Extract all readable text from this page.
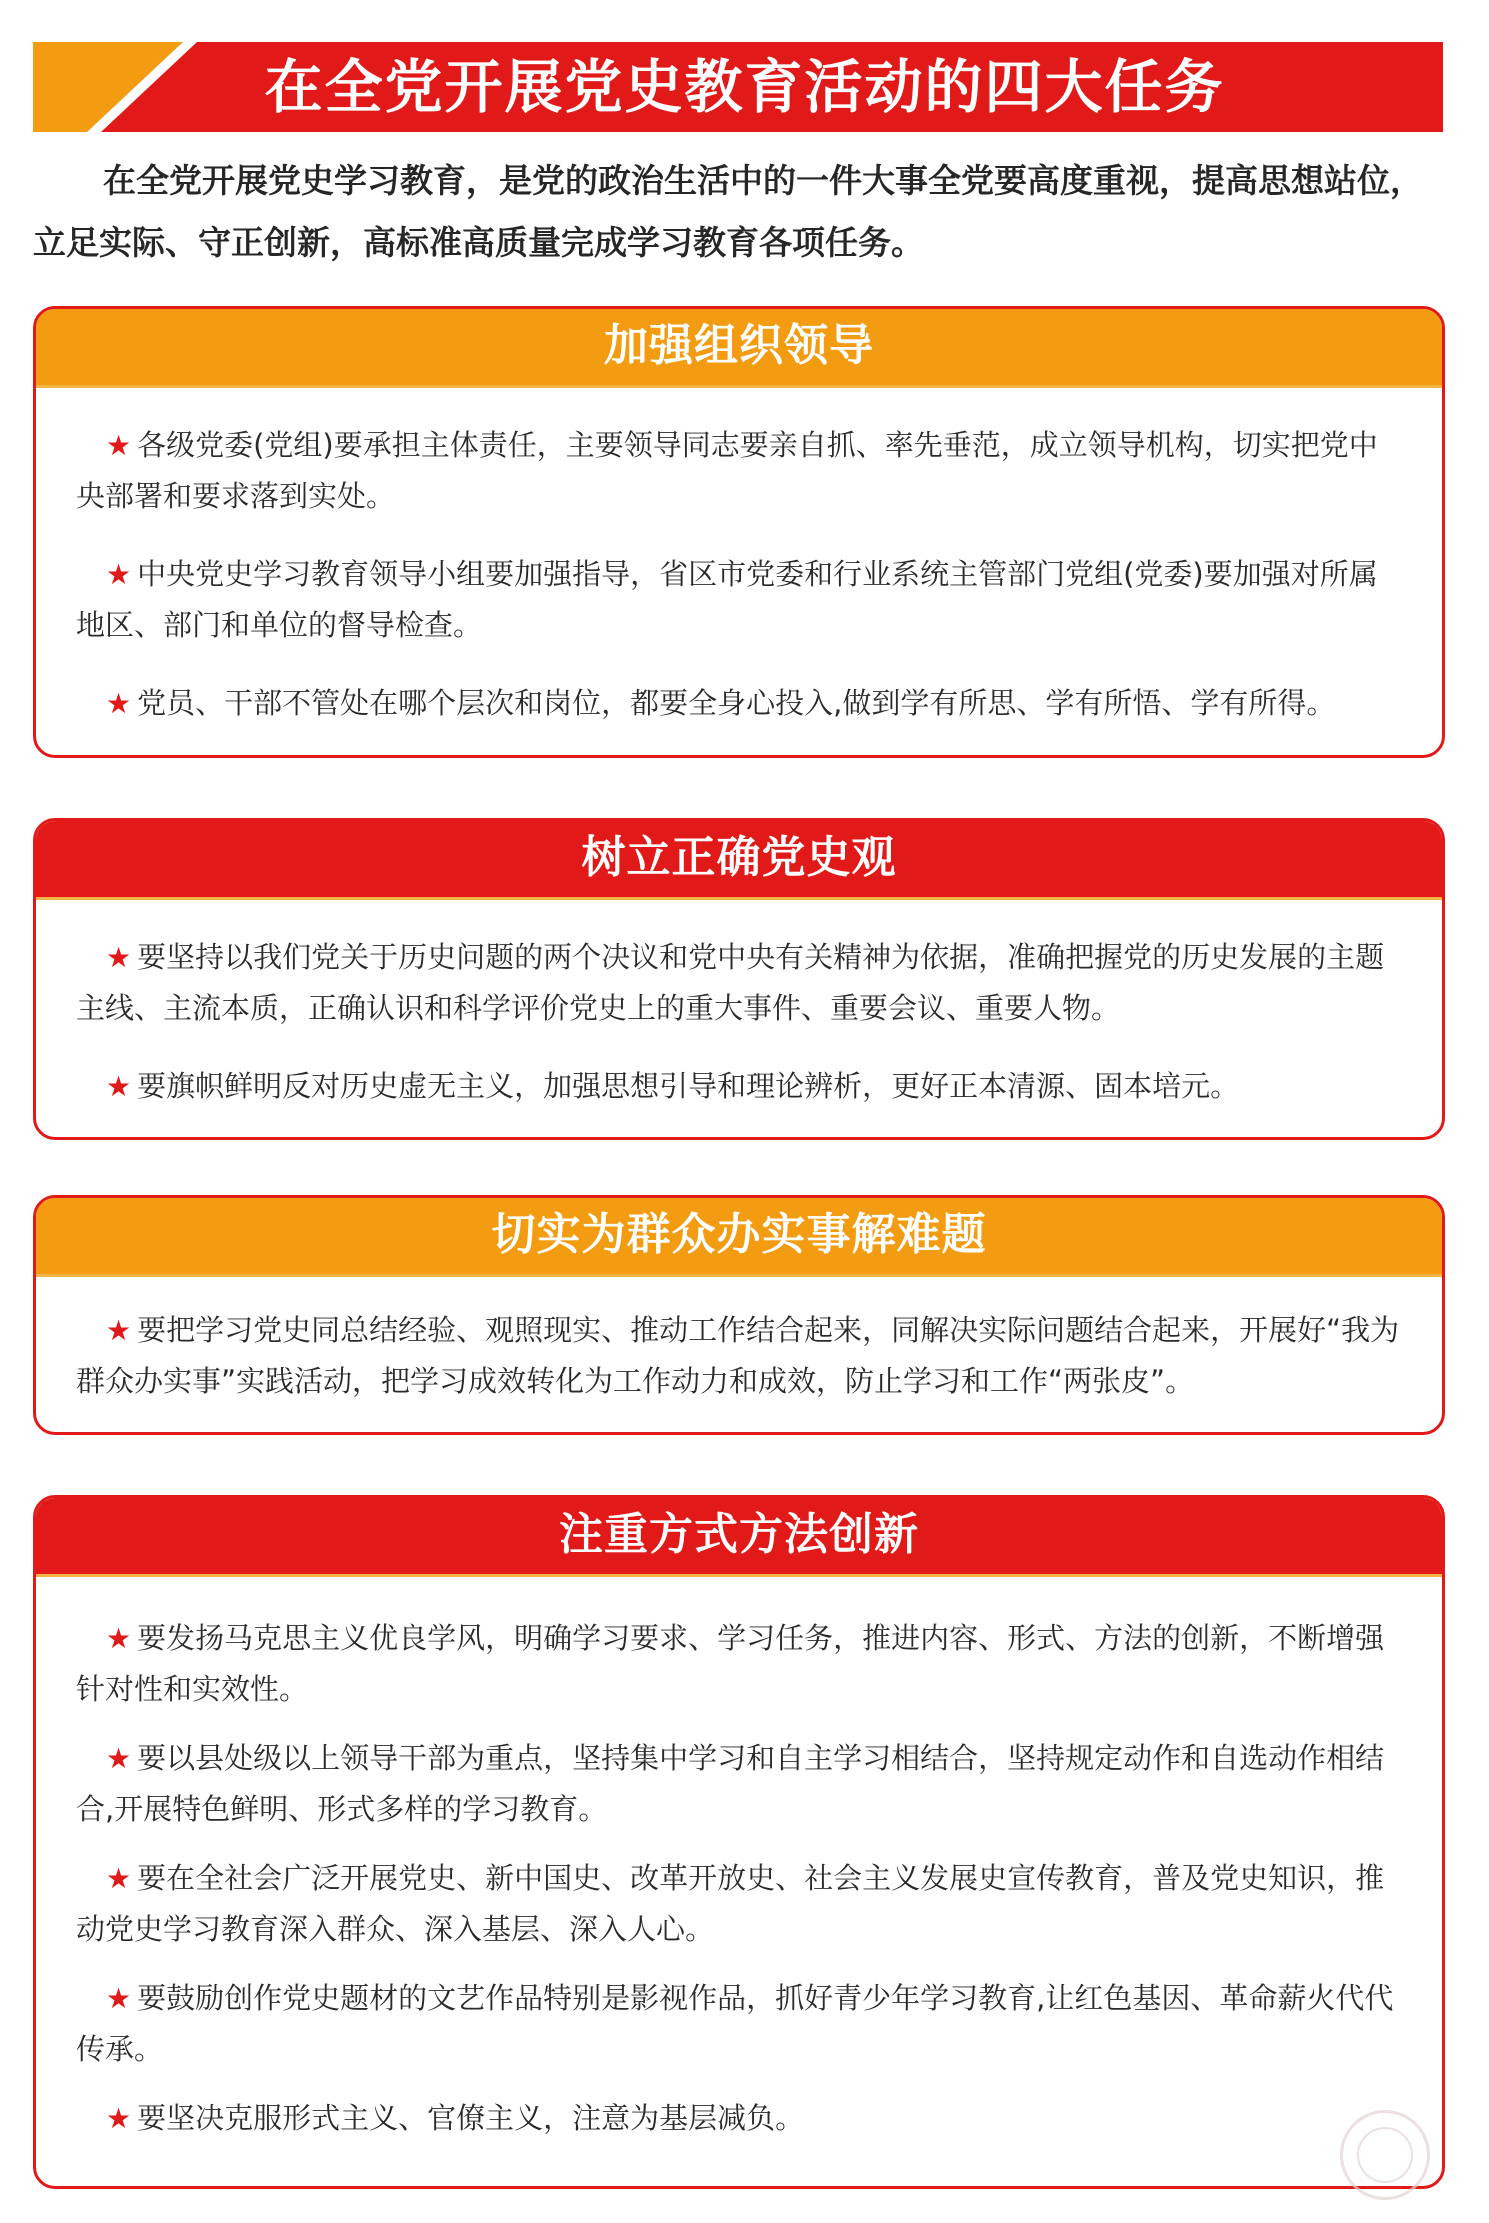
在全党开展党史教育活动的四大任务

在全党开展党史学习教育，是党的政治生活中的一件大事全党要高度重视，提高思想站位，立足实际、守正创新，高标准高质量完成学习教育各项任务。

加强组织领导
★ 各级党委(党组)要承担主体责任，主要领导同志要亲自抓、率先垂范，成立领导机构，切实把党中央部署和要求落到实处。
★ 中央党史学习教育领导小组要加强指导，省区市党委和行业系统主管部门党组(党委)要加强对所属地区、部门和单位的督导检查。
★ 党员、干部不管处在哪个层次和岗位，都要全身心投入,做到学有所思、学有所悟、学有所得。
树立正确党史观
★ 要坚持以我们党关于历史问题的两个决议和党中央有关精神为依据，准确把握党的历史发展的主题主线、主流本质，正确认识和科学评价党史上的重大事件、重要会议、重要人物。
★ 要旗帜鲜明反对历史虚无主义，加强思想引导和理论辨析，更好正本清源、固本培元。
切实为群众办实事解难题
★ 要把学习党史同总结经验、观照现实、推动工作结合起来，同解决实际问题结合起来，开展好“我为群众办实事”实践活动，把学习成效转化为工作动力和成效，防止学习和工作“两张皮”。
注重方式方法创新
★ 要发扬马克思主义优良学风，明确学习要求、学习任务，推进内容、形式、方法的创新，不断增强针对性和实效性。
★ 要以县处级以上领导干部为重点，坚持集中学习和自主学习相结合，坚持规定动作和自选动作相结合,开展特色鲜明、形式多样的学习教育。
★ 要在全社会广泛开展党史、新中国史、改革开放史、社会主义发展史宣传教育，普及党史知识，推动党史学习教育深入群众、深入基层、深入人心。
★ 要鼓励创作党史题材的文艺作品特别是影视作品，抓好青少年学习教育,让红色基因、革命薪火代代传承。
★ 要坚决克服形式主义、官僚主义，注意为基层减负。
